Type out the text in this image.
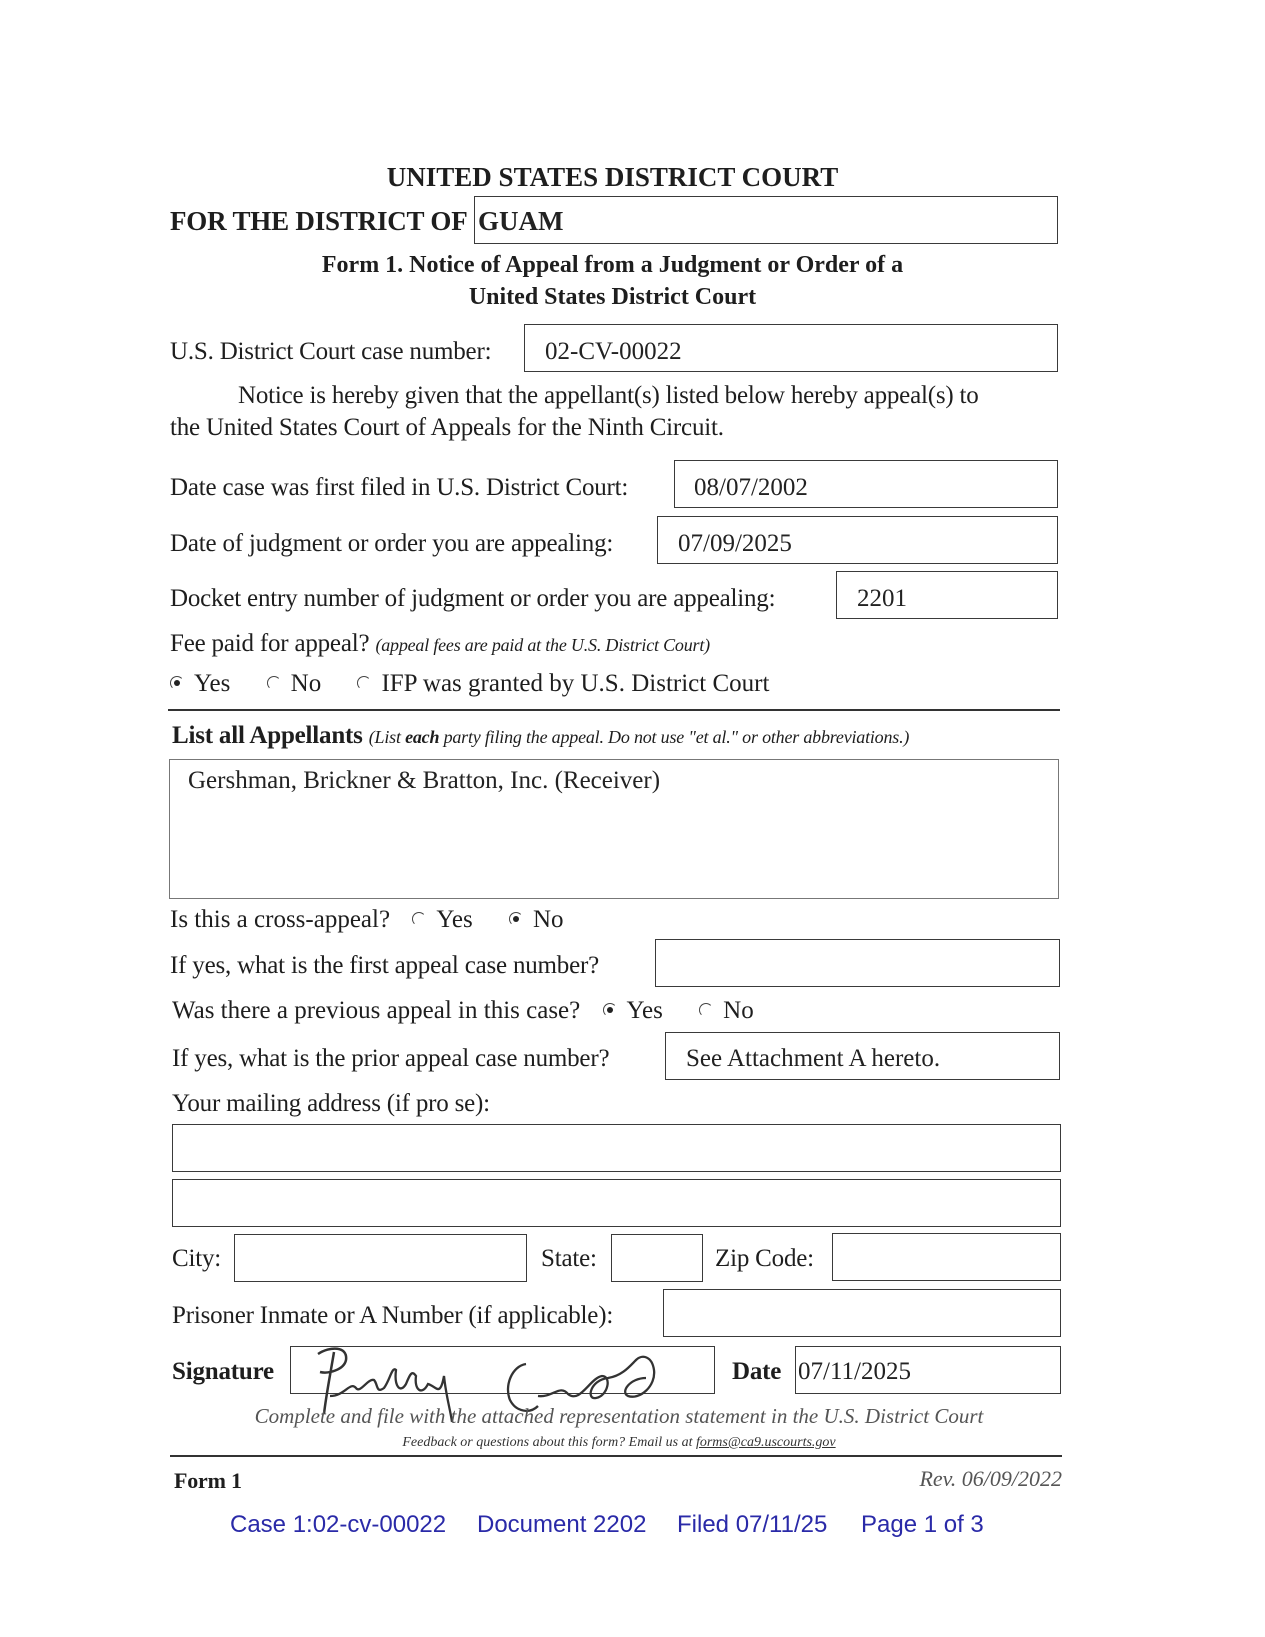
UNITED STATES DISTRICT COURT
FOR THE DISTRICT OF GUAM
Form 1. Notice of Appeal from a Judgment or Order of a
United States District Court
U.S. District Court case number: 02-CV-00022
Notice is hereby given that the appellant(s) listed below hereby appeal(s) to
the United States Court of Appeals for the Ninth Circuit.
Date case was first filed in U.S. District Court:	08/07/2002
Date of judgment or order you are appealing:	07/09/2025
Docket entry number of judgment or order you are appealing:	2201
Fee paid for appeal? (appeal fees are paid at the U.S. District Court)
Yes No IFP was granted by U.S. District Court
List all Appellants (List each party filing the appeal. Do not use "et al." or other abbreviations.)
Gershman, Brickner & Bratton, Inc. (Receiver)
Is this a cross-appeal? Yes No
If yes, what is the first appeal case number?
Was there a previous appeal in this case? Yes No
If yes, what is the prior appeal case number?	See Attachment A hereto.
Your mailing address (if pro se):
City:	State:	Zip Code:
Prisoner Inmate or A Number (if applicable):
Signature	Date 07/11/2025
Complete and file with the attached representation statement in the U.S. District Court
Feedback or questions about this form? Email us at forms@ca9.uscourts.gov
Form 1	Rev. 06/09/2022
Case 1:02-cv-00022 Document 2202 Filed 07/11/25 Page 1 of 3
